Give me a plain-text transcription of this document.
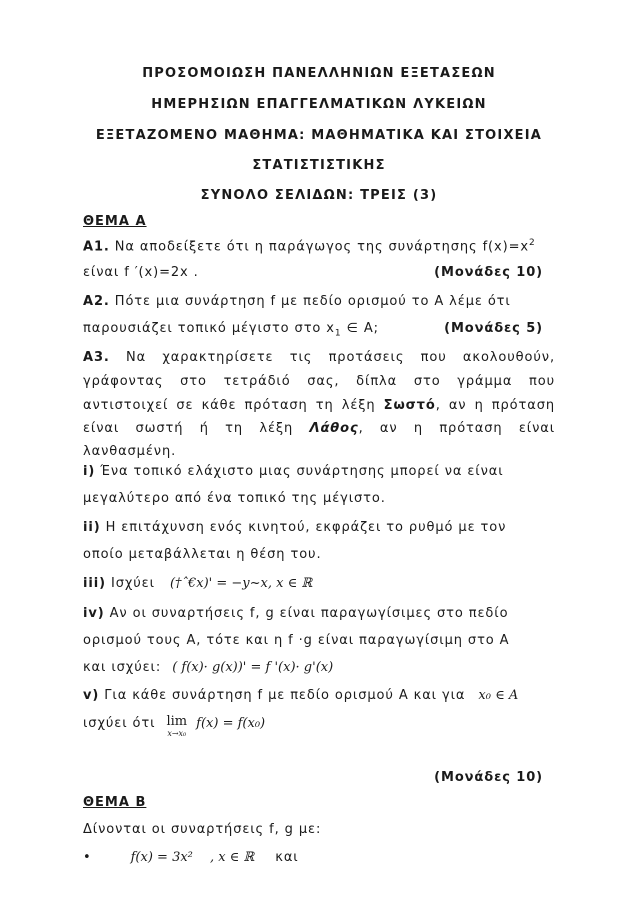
ΠΡΟΣΟΜΟΙΩΣΗ ΠΑΝΕΛΛΗΝΙΩΝ ΕΞΕΤΑΣΕΩΝ
ΗΜΕΡΗΣΙΩΝ ΕΠΑΓΓΕΛΜΑΤΙΚΩΝ ΛΥΚΕΙΩΝ
ΕΞΕΤΑΖΟΜΕΝΟ ΜΑΘΗΜΑ: ΜΑΘΗΜΑΤΙΚΑ ΚΑΙ ΣΤΟΙΧΕΙΑ
ΣΤΑΤΙΣΤΙΣΤΙΚΗΣ
ΣΥΝΟΛΟ ΣΕΛΙΔΩΝ: ΤΡΕΙΣ (3)
ΘΕΜΑ Α
Α1. Να αποδείξετε ότι η παράγωγος της συνάρτησης $f(x)=x^2$
είναι f ′(x)=2x .	(Μονάδες 10)
Α2. Πότε μια συνάρτηση f με πεδίο ορισμού το Α λέμε ότι
παρουσιάζει τοπικό μέγιστο στο $x_1$ ∈ A;	(Μονάδες 5)
Α3. Να χαρακτηρίσετε τις προτάσεις που ακολουθούν,
γράφοντας στο τετράδιό σας, δίπλα στο γράμμα που
αντιστοιχεί σε κάθε πρόταση τη λέξη Σωστό, αν η πρόταση
είναι σωστή ή τη λέξη Λάθος, αν η πρόταση είναι
λανθασμένη.
i) Ένα τοπικό ελάχιστο μιας συνάρτησης μπορεί να είναι
μεγαλύτερο από ένα τοπικό της μέγιστο.
ii) Η επιτάχυνση ενός κινητού, εκφράζει το ρυθμό με τον
οποίο μεταβάλλεται η θέση του.
iii) Ισχύει (†ˆ€x)' = −y~x, x ∈ ℝ
iv) Αν οι συναρτήσεις f, g είναι παραγωγίσιμες στο πεδίο
ορισμού τους Α, τότε και η f ·g είναι παραγωγίσιμη στο Α
και ισχύει: ( f(x)· g(x))' = f '(x)· g'(x)
v) Για κάθε συνάρτηση f με πεδίο ορισμού Α και για x₀ ∈ A
ισχύει ότι lim
x→x₀
f(x) = f(x₀)
(Μονάδες 10)
ΘΕΜΑ Β
Δίνονται οι συναρτήσεις f, g με:
•	f(x) = 3x² , x ∈ ℝ και
